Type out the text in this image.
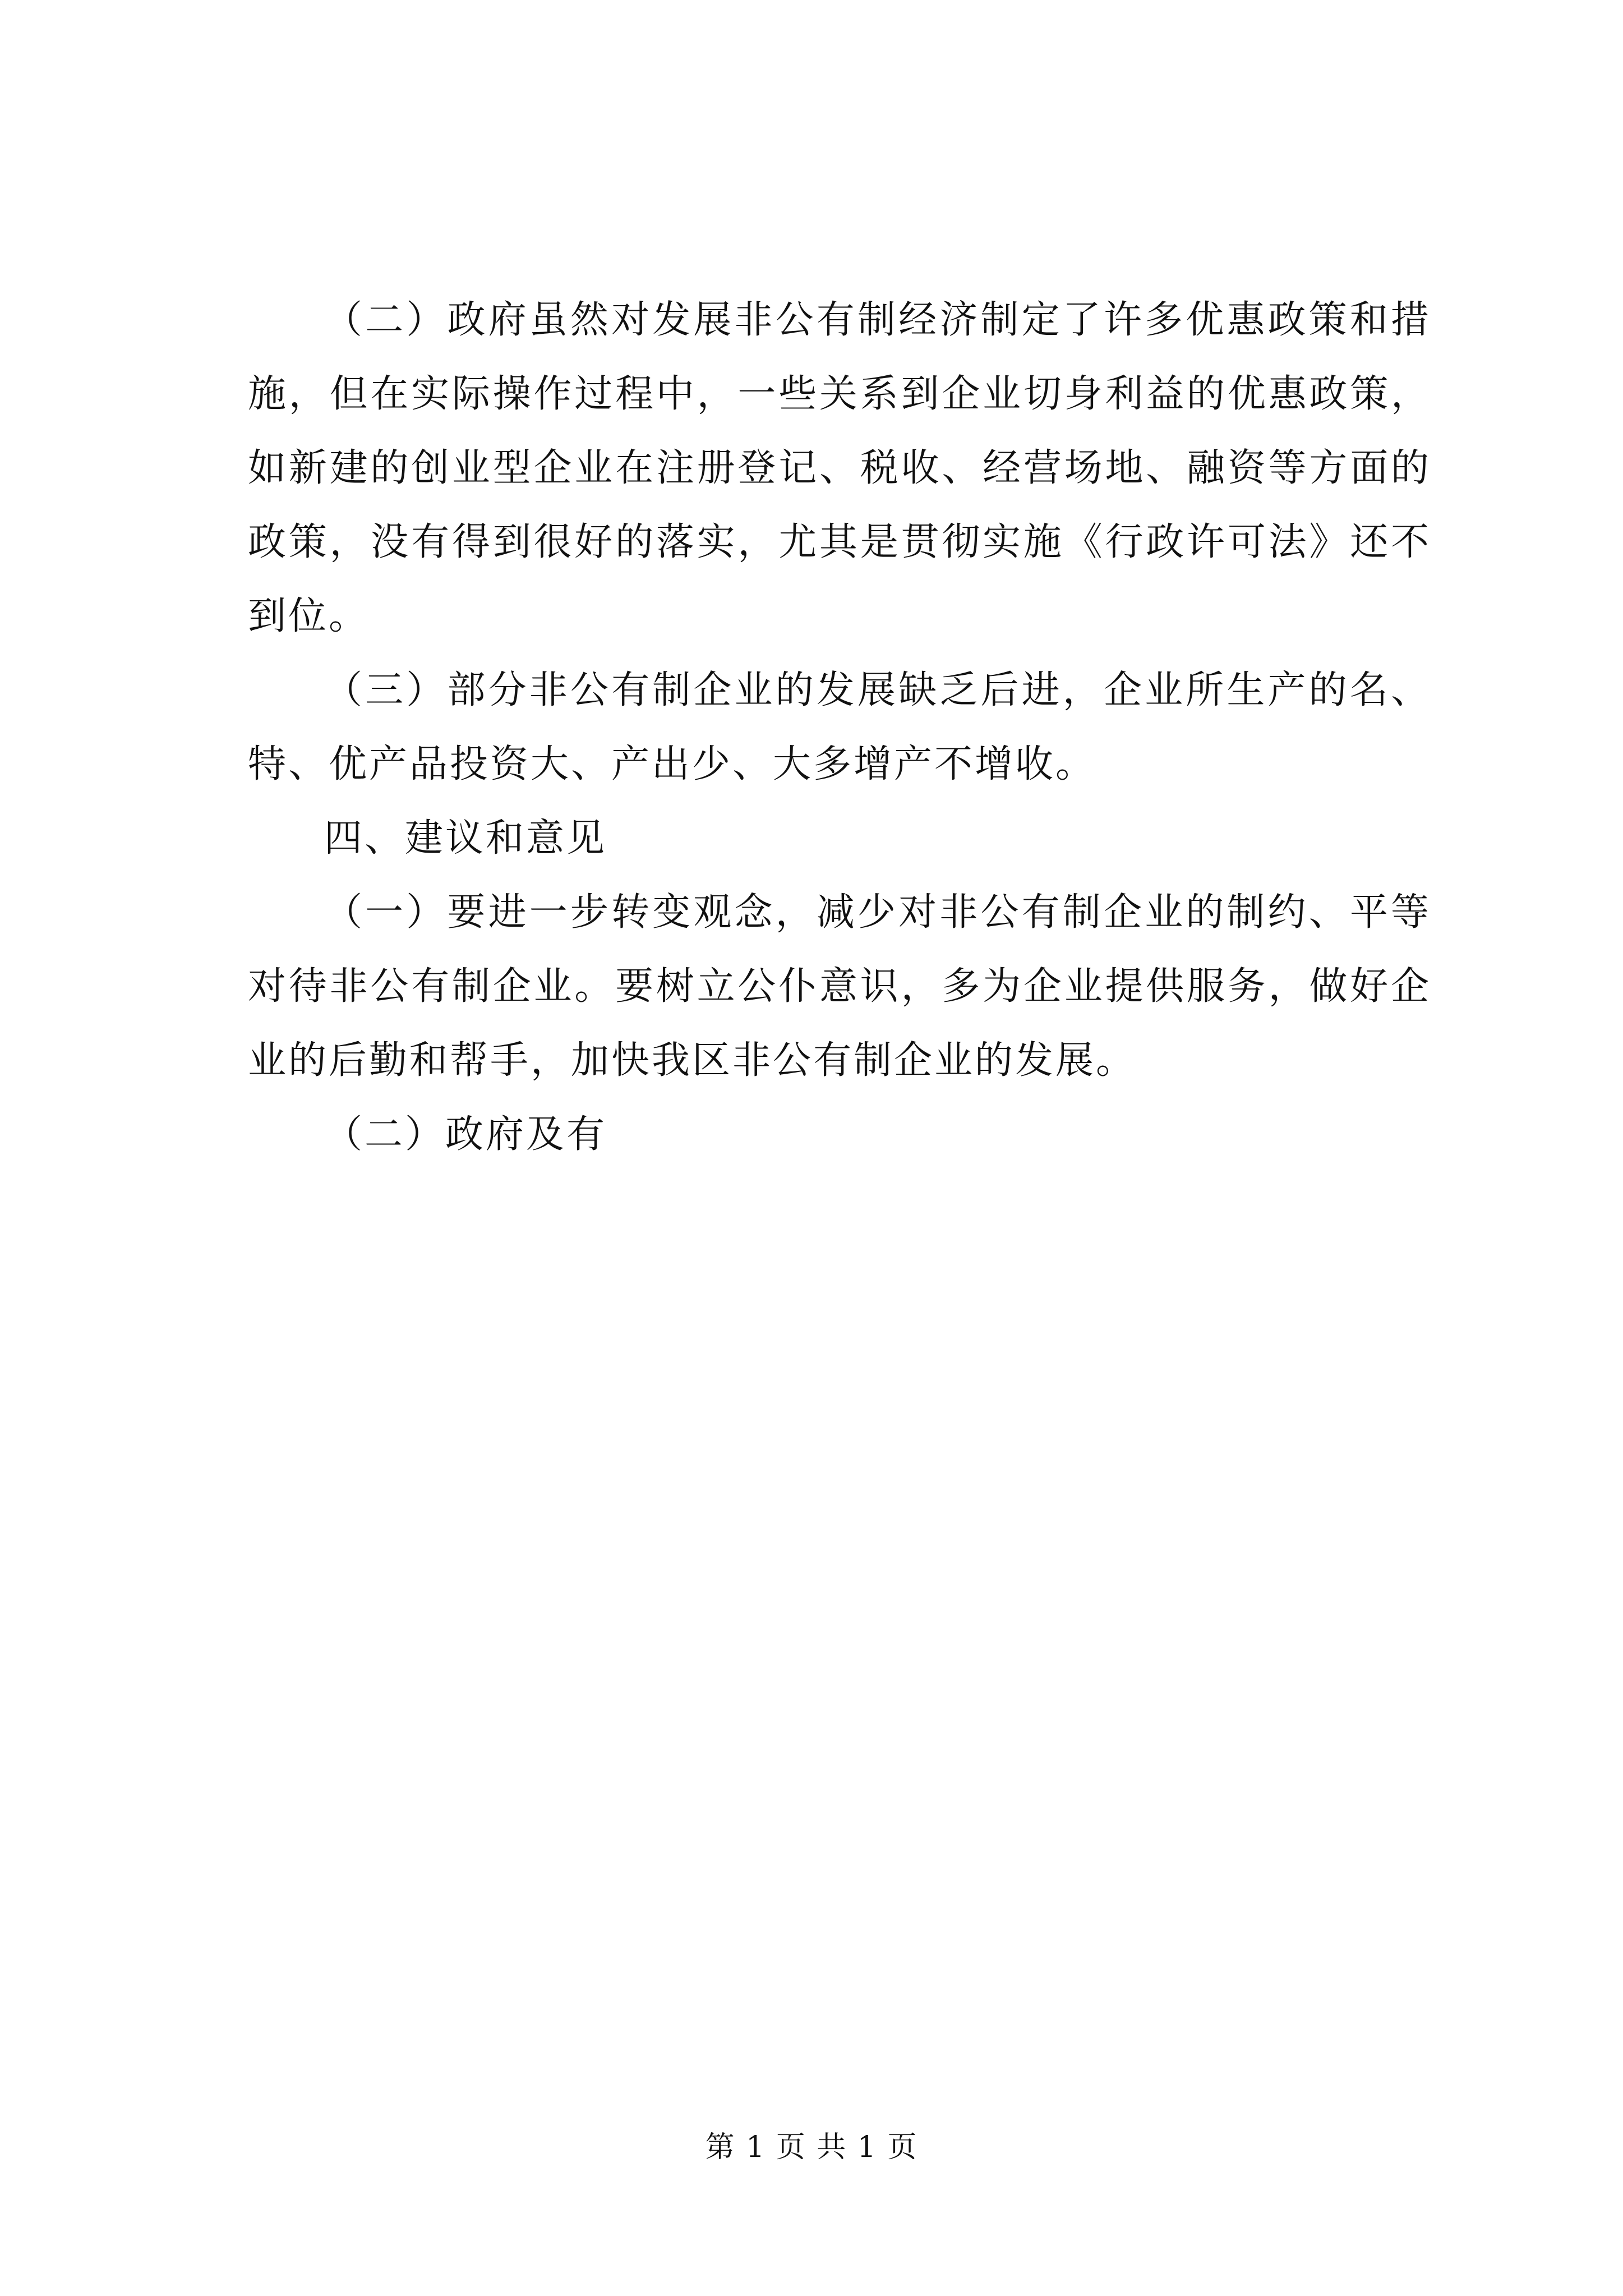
（二）政府虽然对发展非公有制经济制定了许多优惠政策和措施，但在实际操作过程中，一些关系到企业切身利益的优惠政策，如新建的创业型企业在注册登记、税收、经营场地、融资等方面的政策，没有得到很好的落实，尤其是贯彻实施《行政许可法》还不到位。

（三）部分非公有制企业的发展缺乏后进，企业所生产的名、特、优产品投资大、产出少、大多增产不增收。

四、建议和意见

（一）要进一步转变观念，减少对非公有制企业的制约、平等对待非公有制企业。要树立公仆意识，多为企业提供服务，做好企业的后勤和帮手，加快我区非公有制企业的发展。

（二）政府及有

第 1 页 共 1 页
